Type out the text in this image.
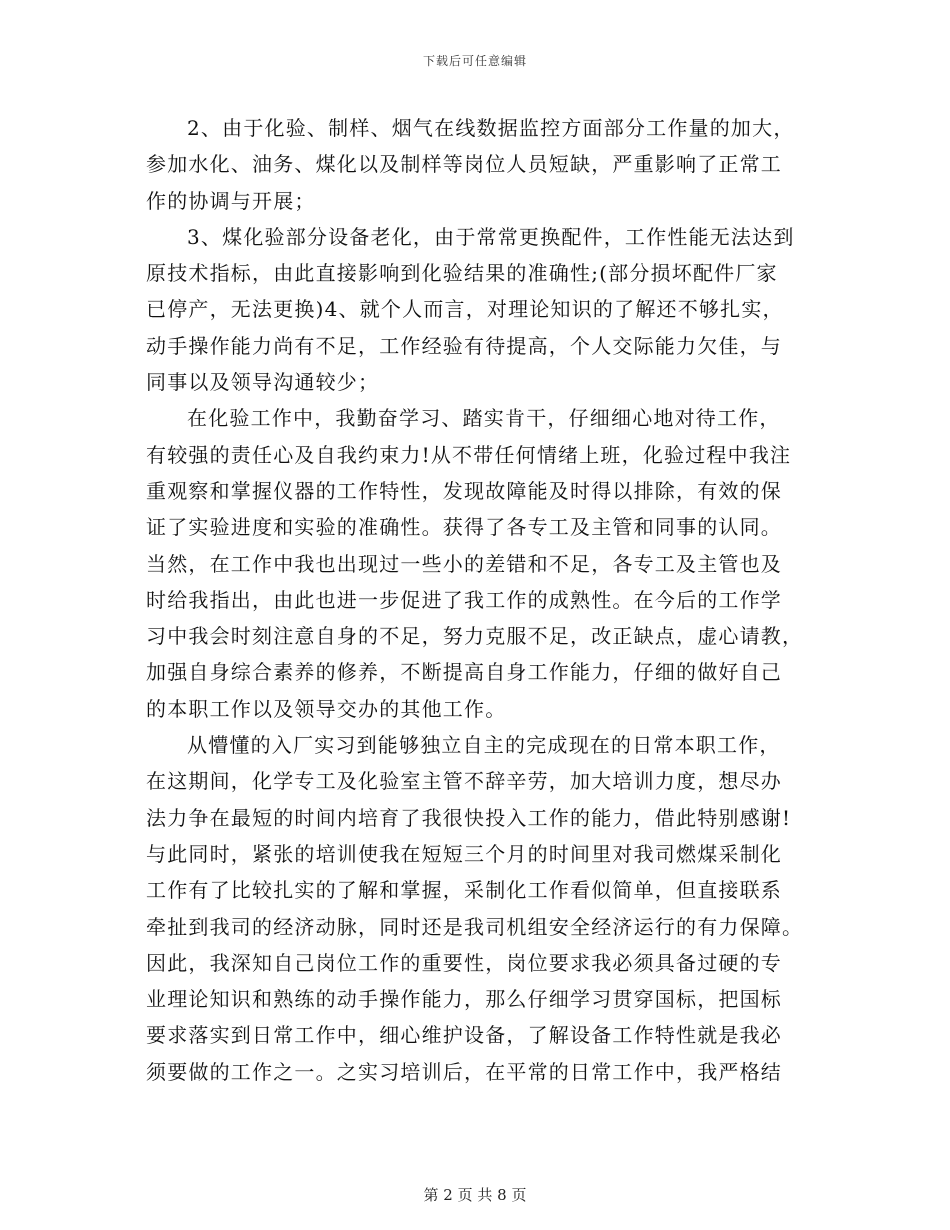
下载后可任意编辑
2、由于化验、制样、烟气在线数据监控方面部分工作量的加大，
参加水化、油务、煤化以及制样等岗位人员短缺，严重影响了正常工
作的协调与开展；
3、煤化验部分设备老化，由于常常更换配件，工作性能无法达到
原技术指标，由此直接影响到化验结果的准确性;(部分损坏配件厂家
已停产，无法更换)4、就个人而言，对理论知识的了解还不够扎实，
动手操作能力尚有不足，工作经验有待提高，个人交际能力欠佳，与
同事以及领导沟通较少；
在化验工作中，我勤奋学习、踏实肯干，仔细细心地对待工作，
有较强的责任心及自我约束力!从不带任何情绪上班，化验过程中我注
重观察和掌握仪器的工作特性，发现故障能及时得以排除，有效的保
证了实验进度和实验的准确性。获得了各专工及主管和同事的认同。
当然，在工作中我也出现过一些小的差错和不足，各专工及主管也及
时给我指出，由此也进一步促进了我工作的成熟性。在今后的工作学
习中我会时刻注意自身的不足，努力克服不足，改正缺点，虚心请教，
加强自身综合素养的修养，不断提高自身工作能力，仔细的做好自己
的本职工作以及领导交办的其他工作。
从懵懂的入厂实习到能够独立自主的完成现在的日常本职工作，
在这期间，化学专工及化验室主管不辞辛劳，加大培训力度，想尽办
法力争在最短的时间内培育了我很快投入工作的能力，借此特别感谢!
与此同时，紧张的培训使我在短短三个月的时间里对我司燃煤采制化
工作有了比较扎实的了解和掌握，采制化工作看似简单，但直接联系
牵扯到我司的经济动脉，同时还是我司机组安全经济运行的有力保障。
因此，我深知自己岗位工作的重要性，岗位要求我必须具备过硬的专
业理论知识和熟练的动手操作能力，那么仔细学习贯穿国标，把国标
要求落实到日常工作中，细心维护设备，了解设备工作特性就是我必
须要做的工作之一。之实习培训后，在平常的日常工作中，我严格结
第 2 页 共 8 页
